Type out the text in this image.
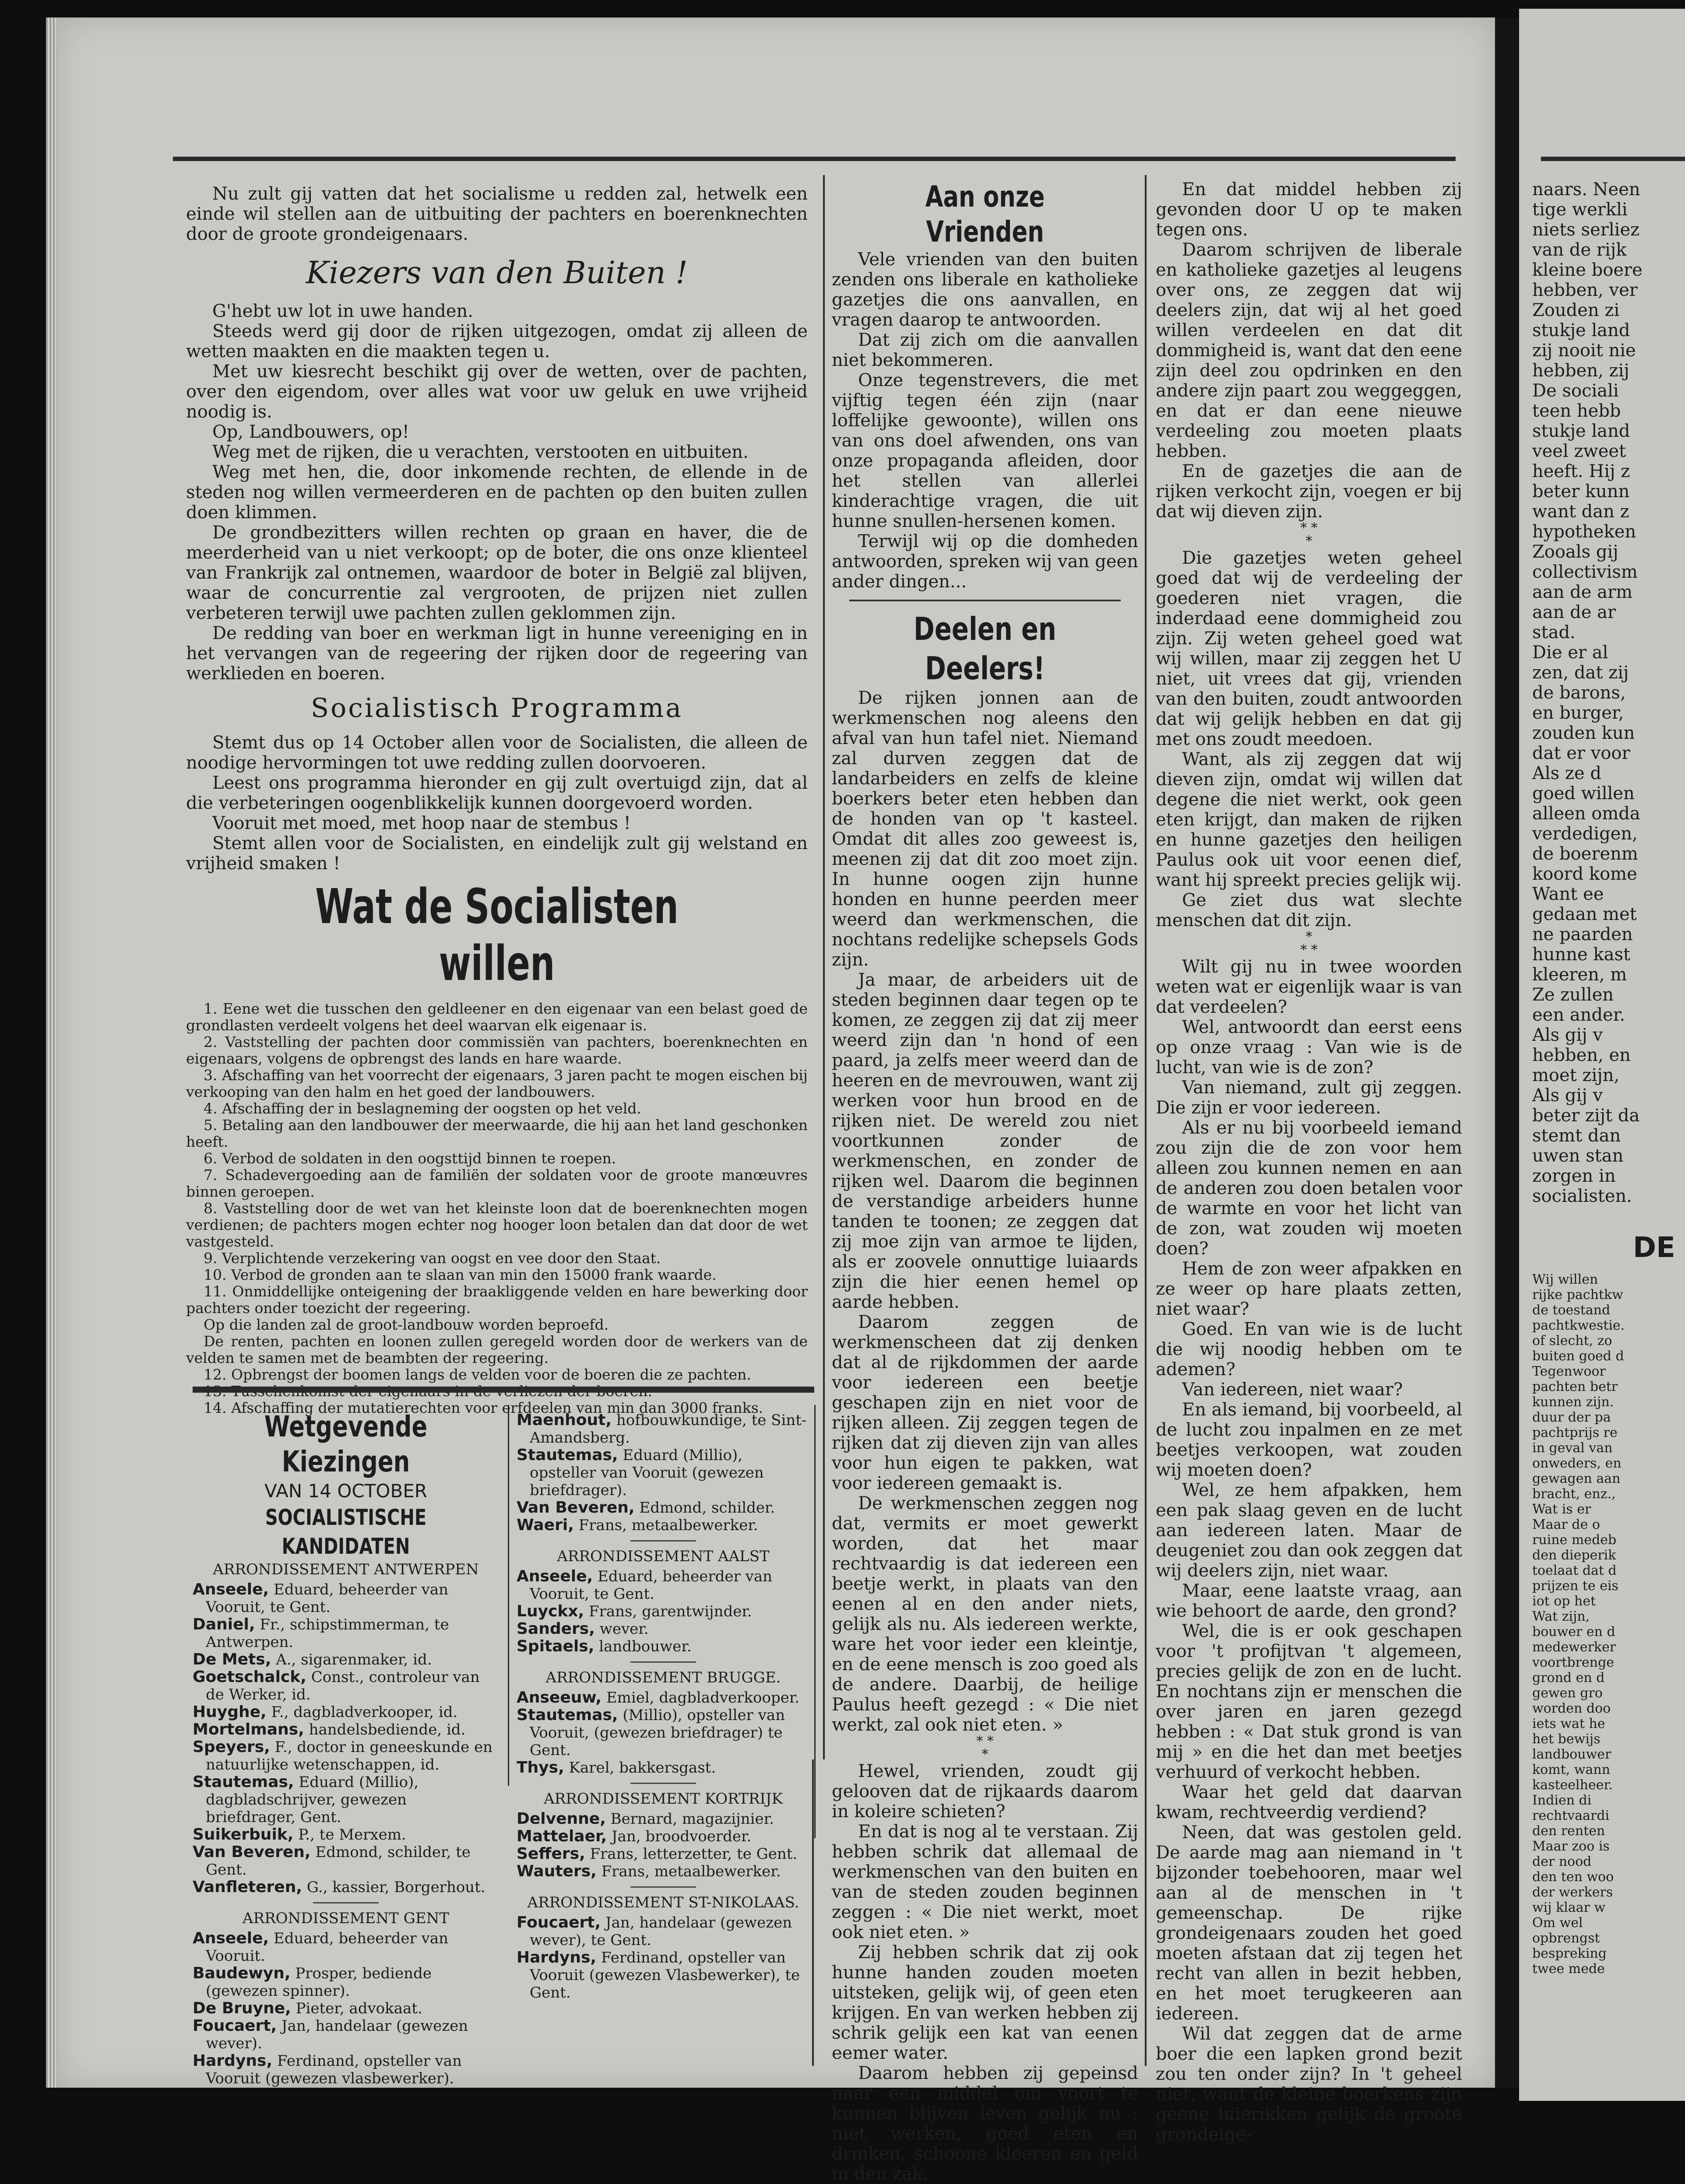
Nu zult gij vatten dat het socialisme u redden zal, hetwelk een einde wil stellen aan de uitbuiting der pachters en boerenknechten door de groote grondeigenaars.

Kiezers van den Buiten !

G'hebt uw lot in uwe handen.

Steeds werd gij door de rijken uitgezogen, omdat zij alleen de wetten maakten en die maakten tegen u.

Met uw kiesrecht beschikt gij over de wetten, over de pachten, over den eigendom, over alles wat voor uw geluk en uwe vrijheid noodig is.

Op, Landbouwers, op!

Weg met de rijken, die u verachten, verstooten en uitbuiten.

Weg met hen, die, door inkomende rechten, de ellende in de steden nog willen vermeerderen en de pachten op den buiten zullen doen klimmen.

De grondbezitters willen rechten op graan en haver, die de meerderheid van u niet verkoopt; op de boter, die ons onze klienteel van Frankrijk zal ontnemen, waardoor de boter in België zal blijven, waar de concurrentie zal vergrooten, de prijzen niet zullen verbeteren terwijl uwe pachten zullen geklommen zijn.

De redding van boer en werkman ligt in hunne vereeniging en in het vervangen van de regeering der rijken door de regeering van werklieden en boeren.

Socialistisch Programma

Stemt dus op 14 October allen voor de Socialisten, die alleen de noodige hervormingen tot uwe redding zullen doorvoeren.

Leest ons programma hieronder en gij zult overtuigd zijn, dat al die verbeteringen oogenblikkelijk kunnen doorgevoerd worden.

Vooruit met moed, met hoop naar de stembus !

Stemt allen voor de Socialisten, en eindelijk zult gij welstand en vrijheid smaken !

Wat de Socialisten willen

1. Eene wet die tusschen den geldleener en den eigenaar van een belast goed de grondlasten verdeelt volgens het deel waarvan elk eigenaar is.

2. Vaststelling der pachten door commissiën van pachters, boerenknechten en eigenaars, volgens de opbrengst des lands en hare waarde.

3. Afschaffing van het voorrecht der eigenaars, 3 jaren pacht te mogen eischen bij verkooping van den halm en het goed der landbouwers.

4. Afschaffing der in beslagneming der oogsten op het veld.

5. Betaling aan den landbouwer der meerwaarde, die hij aan het land geschonken heeft.

6. Verbod de soldaten in den oogsttijd binnen te roepen.

7. Schadevergoeding aan de familiën der soldaten voor de groote manœuvres binnen geroepen.

8. Vaststelling door de wet van het kleinste loon dat de boerenknechten mogen verdienen; de pachters mogen echter nog hooger loon betalen dan dat door de wet vastgesteld.

9. Verplichtende verzekering van oogst en vee door den Staat.

10. Verbod de gronden aan te slaan van min den 15000 frank waarde.

11. Onmiddellijke onteigening der braakliggende velden en hare bewerking door pachters onder toezicht der regeering.

Op die landen zal de groot-landbouw worden beproefd.

De renten, pachten en loonen zullen geregeld worden door de werkers van de velden te samen met de beambten der regeering.

12. Opbrengst der boomen langs de velden voor de boeren die ze pachten.

14. Afschaffing der mutatierechten voor erfdeelen van min dan 3000 franks.

Wetgevende Kiezingen
VAN 14 OCTOBER
SOCIALISTISCHE KANDIDATEN
ARRONDISSEMENT ANTWERPEN
Anseele, Eduard, beheerder van Vooruit, te Gent.
Daniel, Fr., schipstimmerman, te Antwerpen.
De Mets, A., sigarenmaker, id.
Goetschalck, Const., controleur van de Werker, id.
Huyghe, F., dagbladverkooper, id.
Mortelmans, handelsbediende, id.
Speyers, F., doctor in geneeskunde en natuurlijke wetenschappen, id.
Stautemas, Eduard (Millio), dagbladschrijver, gewezen briefdrager, Gent.
Suikerbuik, P., te Merxem.
Van Beveren, Edmond, schilder, te Gent.
Vanfleteren, G., kassier, Borgerhout.
ARRONDISSEMENT GENT
Anseele, Eduard, beheerder van Vooruit.
Baudewyn, Prosper, bediende (gewezen spinner).
De Bruyne, Pieter, advokaat.
Foucaert, Jan, handelaar (gewezen wever).
Hardyns, Ferdinand, opsteller van Vooruit (gewezen vlasbewerker).
Maenhout, hofbouwkundige, te Sint-Amandsberg.
Stautemas, Eduard (Millio), opsteller van Vooruit (gewezen briefdrager).
Van Beveren, Edmond, schilder.
Waeri, Frans, metaalbewerker.
ARRONDISSEMENT AALST
Anseele, Eduard, beheerder van Vooruit, te Gent.
Luyckx, Frans, garentwijnder.
Sanders, wever.
Spitaels, landbouwer.
ARRONDISSEMENT BRUGGE.
Anseeuw, Emiel, dagbladverkooper.
Stautemas, (Millio), opsteller van Vooruit, (gewezen briefdrager) te Gent.
Thys, Karel, bakkersgast.
ARRONDISSEMENT KORTRIJK
Delvenne, Bernard, magazijnier.
Mattelaer, Jan, broodvoerder.
Seffers, Frans, letterzetter, te Gent.
Wauters, Frans, metaalbewerker.
ARRONDISSEMENT ST-NIKOLAAS.
Foucaert, Jan, handelaar (gewezen wever), te Gent.
Hardyns, Ferdinand, opsteller van Vooruit (gewezen Vlasbewerker), te Gent.
Aan onze Vrienden

Vele vrienden van den buiten zenden ons liberale en katholieke gazetjes die ons aanvallen, en vragen daarop te antwoorden.

Dat zij zich om die aanvallen niet bekommeren.

Onze tegenstrevers, die met vijftig tegen één zijn (naar loffelijke gewoonte), willen ons van ons doel afwenden, ons van onze propaganda afleiden, door het stellen van allerlei kinderachtige vragen, die uit hunne snullen-hersenen komen.

Terwijl wij op die domheden antwoorden, spreken wij van geen ander dingen...

Deelen en Deelers!

De rijken jonnen aan de werkmenschen nog aleens den afval van hun tafel niet. Niemand zal durven zeggen dat de landarbeiders en zelfs de kleine boerkers beter eten hebben dan de honden van op 't kasteel. Omdat dit alles zoo geweest is, meenen zij dat dit zoo moet zijn. In hunne oogen zijn hunne honden en hunne peerden meer weerd dan werkmenschen, die nochtans redelijke schepsels Gods zijn.

Ja maar, de arbeiders uit de steden beginnen daar tegen op te komen, ze zeggen zij dat zij meer weerd zijn dan 'n hond of een paard, ja zelfs meer weerd dan de heeren en de mevrouwen, want zij werken voor hun brood en de rijken niet. De wereld zou niet voortkunnen zonder de werkmenschen, en zonder de rijken wel. Daarom die beginnen de verstandige arbeiders hunne tanden te toonen; ze zeggen dat zij moe zijn van armoe te lijden, als er zoovele onnuttige luiaards zijn die hier eenen hemel op aarde hebben.

Daarom zeggen de werkmenscheen dat zij denken dat al de rijkdommen der aarde voor iedereen een beetje geschapen zijn en niet voor de rijken alleen. Zij zeggen tegen de rijken dat zij dieven zijn van alles voor hun eigen te pakken, wat voor iedereen gemaakt is.

De werkmenschen zeggen nog dat, vermits er moet gewerkt worden, dat het maar rechtvaardig is dat iedereen een beetje werkt, in plaats van den eenen al en den ander niets, gelijk als nu. Als iedereen werkte, ware het voor ieder een kleintje, en de eene mensch is zoo goed als de andere. Daarbij, de heilige Paulus heeft gezegd : « Die niet werkt, zal ook niet eten. »

* *
*

Hewel, vrienden, zoudt gij gelooven dat de rijkaards daarom in koleire schieten?

En dat is nog al te verstaan. Zij hebben schrik dat allemaal de werkmenschen van den buiten en van de steden zouden beginnen zeggen : « Die niet werkt, moet ook niet eten. »

Zij hebben schrik dat zij ook hunne handen zouden moeten uitsteken, gelijk wij, of geen eten krijgen. En van werken hebben zij schrik gelijk een kat van eenen eemer water.

Daarom hebben zij gepeinsd naar een middel om voort te kunnen blijven leven gelijk nu : niet werken, goed eten en drinken, schoone kleeren en geld in den zak.

En dat middel hebben zij gevonden door U op te maken tegen ons.

Daarom schrijven de liberale en katholieke gazetjes al leugens over ons, ze zeggen dat wij deelers zijn, dat wij al het goed willen verdeelen en dat dit dommigheid is, want dat den eene zijn deel zou opdrinken en den andere zijn paart zou weggeggen, en dat er dan eene nieuwe verdeeling zou moeten plaats hebben.

En de gazetjes die aan de rijken verkocht zijn, voegen er bij dat wij dieven zijn.

* *
*

Die gazetjes weten geheel goed dat wij de verdeeling der goederen niet vragen, die inderdaad eene dommigheid zou zijn. Zij weten geheel goed wat wij willen, maar zij zeggen het U niet, uit vrees dat gij, vrienden van den buiten, zoudt antwoorden dat wij gelijk hebben en dat gij met ons zoudt meedoen.

Want, als zij zeggen dat wij dieven zijn, omdat wij willen dat degene die niet werkt, ook geen eten krijgt, dan maken de rijken en hunne gazetjes den heiligen Paulus ook uit voor eenen dief, want hij spreekt precies gelijk wij.

Ge ziet dus wat slechte menschen dat dit zijn.

*
* *

Wilt gij nu in twee woorden weten wat er eigenlijk waar is van dat verdeelen?

Wel, antwoordt dan eerst eens op onze vraag : Van wie is de lucht, van wie is de zon?

Van niemand, zult gij zeggen. Die zijn er voor iedereen.

Als er nu bij voorbeeld iemand zou zijn die de zon voor hem alleen zou kunnen nemen en aan de anderen zou doen betalen voor de warmte en voor het licht van de zon, wat zouden wij moeten doen?

Hem de zon weer afpakken en ze weer op hare plaats zetten, niet waar?

Goed. En van wie is de lucht die wij noodig hebben om te ademen?

Van iedereen, niet waar?

En als iemand, bij voorbeeld, al de lucht zou inpalmen en ze met beetjes verkoopen, wat zouden wij moeten doen?

Wel, ze hem afpakken, hem een pak slaag geven en de lucht aan iedereen laten. Maar de deugeniet zou dan ook zeggen dat wij deelers zijn, niet waar.

Maar, eene laatste vraag, aan wie behoort de aarde, den grond?

Wel, die is er ook geschapen voor 't profijtvan 't algemeen, precies gelijk de zon en de lucht. En nochtans zijn er menschen die over jaren en jaren gezegd hebben : « Dat stuk grond is van mij » en die het dan met beetjes verhuurd of verkocht hebben.

Waar het geld dat daarvan kwam, rechtveerdig verdiend?

Neen, dat was gestolen geld. De aarde mag aan niemand in 't bijzonder toebehooren, maar wel aan al de menschen in 't gemeenschap. De rijke grondeigenaars zouden het goed moeten afstaan dat zij tegen het recht van allen in bezit hebben, en het moet terugkeeren aan iedereen.

Wil dat zeggen dat de arme boer die een lapken grond bezit zou ten onder zijn? In 't geheel niet, want de kleine boerkens zijn geene luierikken gelijk de groote grondeige-

naars. Neen
tige werkli
niets serliez
van de rijk
kleine boere
hebben, ver
Zouden zi
stukje land
zij nooit nie
hebben, zij
De sociali
teen hebb
stukje land
veel zweet
heeft. Hij z
beter kunn
want dan z
hypotheken
Zooals gij
collectivism
aan de arm
aan de ar
stad.
Die er al
zen, dat zij
de barons,
en burger,
zouden kun
dat er voor
Als ze d
goed willen
alleen omda
verdedigen,
de boerenm
koord kome
Want ee
gedaan met
ne paarden
hunne kast
kleeren, m
Ze zullen
een ander.
Als gij v
hebben, en
moet zijn,
Als gij v
beter zijt da
stemt dan
uwen stan
zorgen in
socialisten.
DE
Wij willen
rijke pachtkw
de toestand
pachtkwestie.
of slecht, zo
buiten goed d
Tegenwoor
pachten betr
kunnen zijn.
duur der pa
pachtprijs re
in geval van
onweders, en
gewagen aan
bracht, enz.,
Wat is er
Maar de o
ruine medeb
den dieperik
toelaat dat d
prijzen te eis
iot op het
Wat zijn,
bouwer en d
medewerker
voortbrenge
grond en d
gewen gro
worden doo
iets wat he
het bewijs
landbouwer
komt, wann
kasteelheer.
Indien di
rechtvaardi
den renten
Maar zoo is
der nood
den ten woo
der werkers
wij klaar w
Om wel
opbrengst
bespreking
twee mede
